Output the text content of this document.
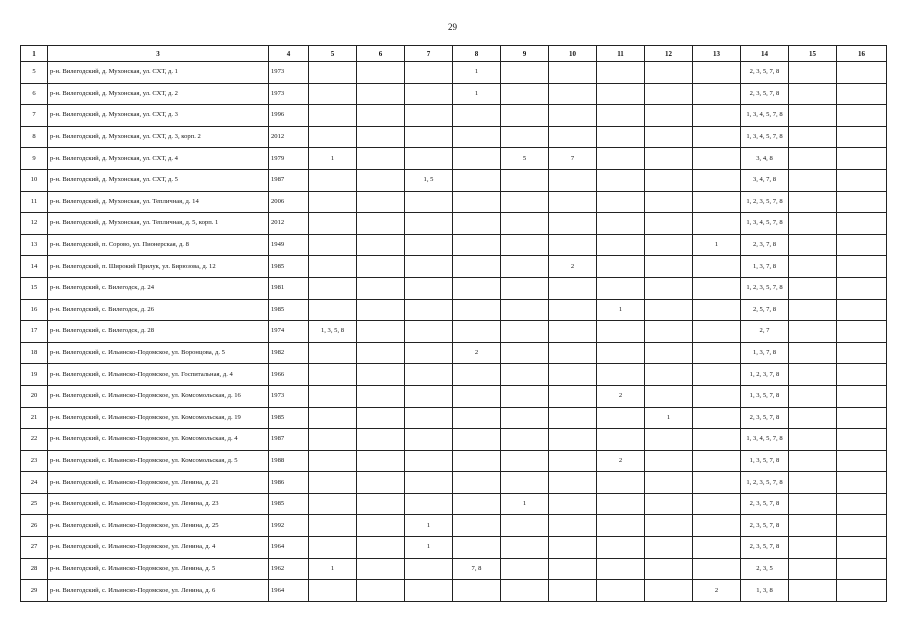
29
1	3	4	5	6	7	8	9	10	11	12	13	14	15	16
5	р-н. Вилегодский, д. Мухонская, ул. СХТ, д. 1	1973				1						2, 3, 5, 7, 8		
6	р-н. Вилегодский, д. Мухонская, ул. СХТ, д. 2	1973				1						2, 3, 5, 7, 8		
7	р-н. Вилегодский, д. Мухонская, ул. СХТ, д. 3	1996										1, 3, 4, 5, 7, 8		
8	р-н. Вилегодский, д. Мухонская, ул. СХТ, д. 3, корп. 2	2012										1, 3, 4, 5, 7, 8		
9	р-н. Вилегодский, д. Мухонская, ул. СХТ, д. 4	1979	1				5	7				3, 4, 8		
10	р-н. Вилегодский, д. Мухонская, ул. СХТ, д. 5	1987			1, 5							3, 4, 7, 8		
11	р-н. Вилегодский, д. Мухонская, ул. Тепличная, д. 14	2006										1, 2, 3, 5, 7, 8		
12	р-н. Вилегодский, д. Мухонская, ул. Тепличная, д. 5, корп. 1	2012										1, 3, 4, 5, 7, 8		
13	р-н. Вилегодский, п. Сорово, ул. Пионерская, д. 8	1949									1	2, 3, 7, 8		
14	р-н. Вилегодский, п. Широкий Прилук, ул. Бирюзова, д. 12	1985						2				1, 3, 7, 8		
15	р-н. Вилегодский, с. Вилегодск, д. 24	1981										1, 2, 3, 5, 7, 8		
16	р-н. Вилегодский, с. Вилегодск, д. 26	1985							1			2, 5, 7, 8		
17	р-н. Вилегодский, с. Вилегодск, д. 28	1974	1, 3, 5, 8									2, 7		
18	р-н. Вилегодский, с. Ильинско-Подомское, ул. Воронцова, д. 5	1982				2						1, 3, 7, 8		
19	р-н. Вилегодский, с. Ильинско-Подомское, ул. Госпитальная, д. 4	1966										1, 2, 3, 7, 8		
20	р-н. Вилегодский, с. Ильинско-Подомское, ул. Комсомольская, д. 16	1973							2			1, 3, 5, 7, 8		
21	р-н. Вилегодский, с. Ильинско-Подомское, ул. Комсомольская, д. 19	1985								1		2, 3, 5, 7, 8		
22	р-н. Вилегодский, с. Ильинско-Подомское, ул. Комсомольская, д. 4	1987										1, 3, 4, 5, 7, 8		
23	р-н. Вилегодский, с. Ильинско-Подомское, ул. Комсомольская, д. 5	1988							2			1, 3, 5, 7, 8		
24	р-н. Вилегодский, с. Ильинско-Подомское, ул. Ленина, д. 21	1986										1, 2, 3, 5, 7, 8		
25	р-н. Вилегодский, с. Ильинско-Подомское, ул. Ленина, д. 23	1985					1					2, 3, 5, 7, 8		
26	р-н. Вилегодский, с. Ильинско-Подомское, ул. Ленина, д. 25	1992			1							2, 3, 5, 7, 8		
27	р-н. Вилегодский, с. Ильинско-Подомское, ул. Ленина, д. 4	1964			1							2, 3, 5, 7, 8		
28	р-н. Вилегодский, с. Ильинско-Подомское, ул. Ленина, д. 5	1962	1			7, 8						2, 3, 5		
29	р-н. Вилегодский, с. Ильинско-Подомское, ул. Ленина, д. 6	1964									2	1, 3, 8		
